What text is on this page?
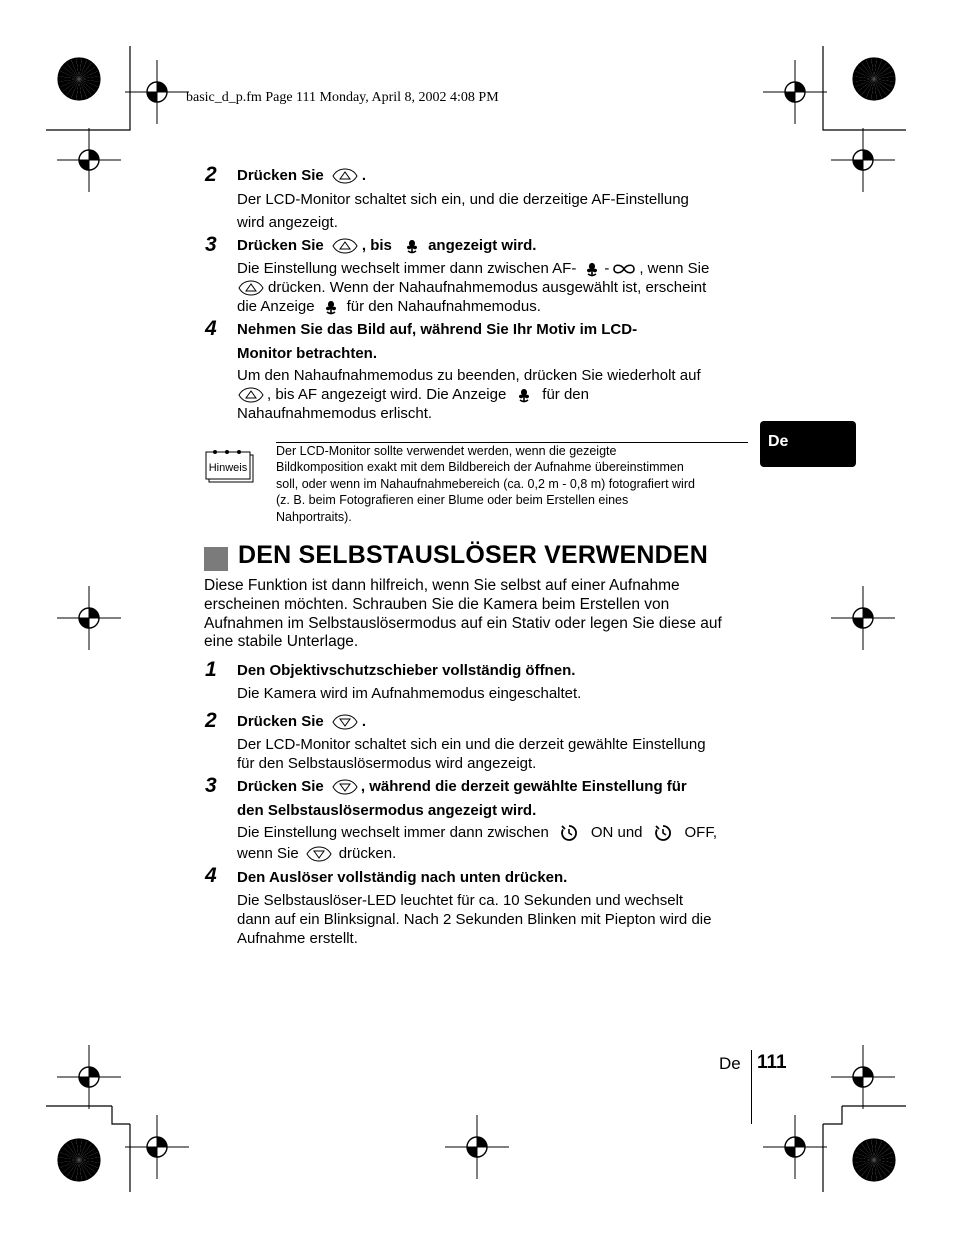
basic_d_p.fm Page 111 Monday, April 8, 2002 4:08 PM
De
2 Drücken Sie	.
Der LCD-Monitor schaltet sich ein, und die derzeitige AF-Einstellung
wird angezeigt.
3 Drücken Sie	, bis angezeigt wird.
Die Einstellung wechselt immer dann zwischen AF- - , wenn Sie
drücken. Wenn der Nahaufnahmemodus ausgewählt ist, erscheint
die Anzeige für den Nahaufnahmemodus.
4 Nehmen Sie das Bild auf, während Sie Ihr Motiv im LCD-
Monitor betrachten.
Um den Nahaufnahmemodus zu beenden, drücken Sie wiederholt auf
, bis AF angezeigt wird. Die Anzeige für den
Nahaufnahmemodus erlischt.
Hinweis
Der LCD-Monitor sollte verwendet werden, wenn die gezeigte
Bildkomposition exakt mit dem Bildbereich der Aufnahme übereinstimmen
soll, oder wenn im Nahaufnahmebereich (ca. 0,2 m - 0,8 m) fotografiert wird
(z. B. beim Fotografieren einer Blume oder beim Erstellen eines
Nahportraits).
DEN SELBSTAUSLÖSER VERWENDEN
Diese Funktion ist dann hilfreich, wenn Sie selbst auf einer Aufnahme
erscheinen möchten. Schrauben Sie die Kamera beim Erstellen von
Aufnahmen im Selbstauslösermodus auf ein Stativ oder legen Sie diese auf
eine stabile Unterlage.
1 Den Objektivschutzschieber vollständig öffnen.
Die Kamera wird im Aufnahmemodus eingeschaltet.
2 Drücken Sie	.
Der LCD-Monitor schaltet sich ein und die derzeit gewählte Einstellung
für den Selbstauslösermodus wird angezeigt.
3 Drücken Sie , während die derzeit gewählte Einstellung für
den Selbstauslösermodus angezeigt wird.
Die Einstellung wechselt immer dann zwischen	ON und	OFF,
wenn Sie	drücken.
4 Den Auslöser vollständig nach unten drücken.
Die Selbstauslöser-LED leuchtet für ca. 10 Sekunden und wechselt
dann auf ein Blinksignal. Nach 2 Sekunden Blinken mit Piepton wird die
Aufnahme erstellt.
De 111
